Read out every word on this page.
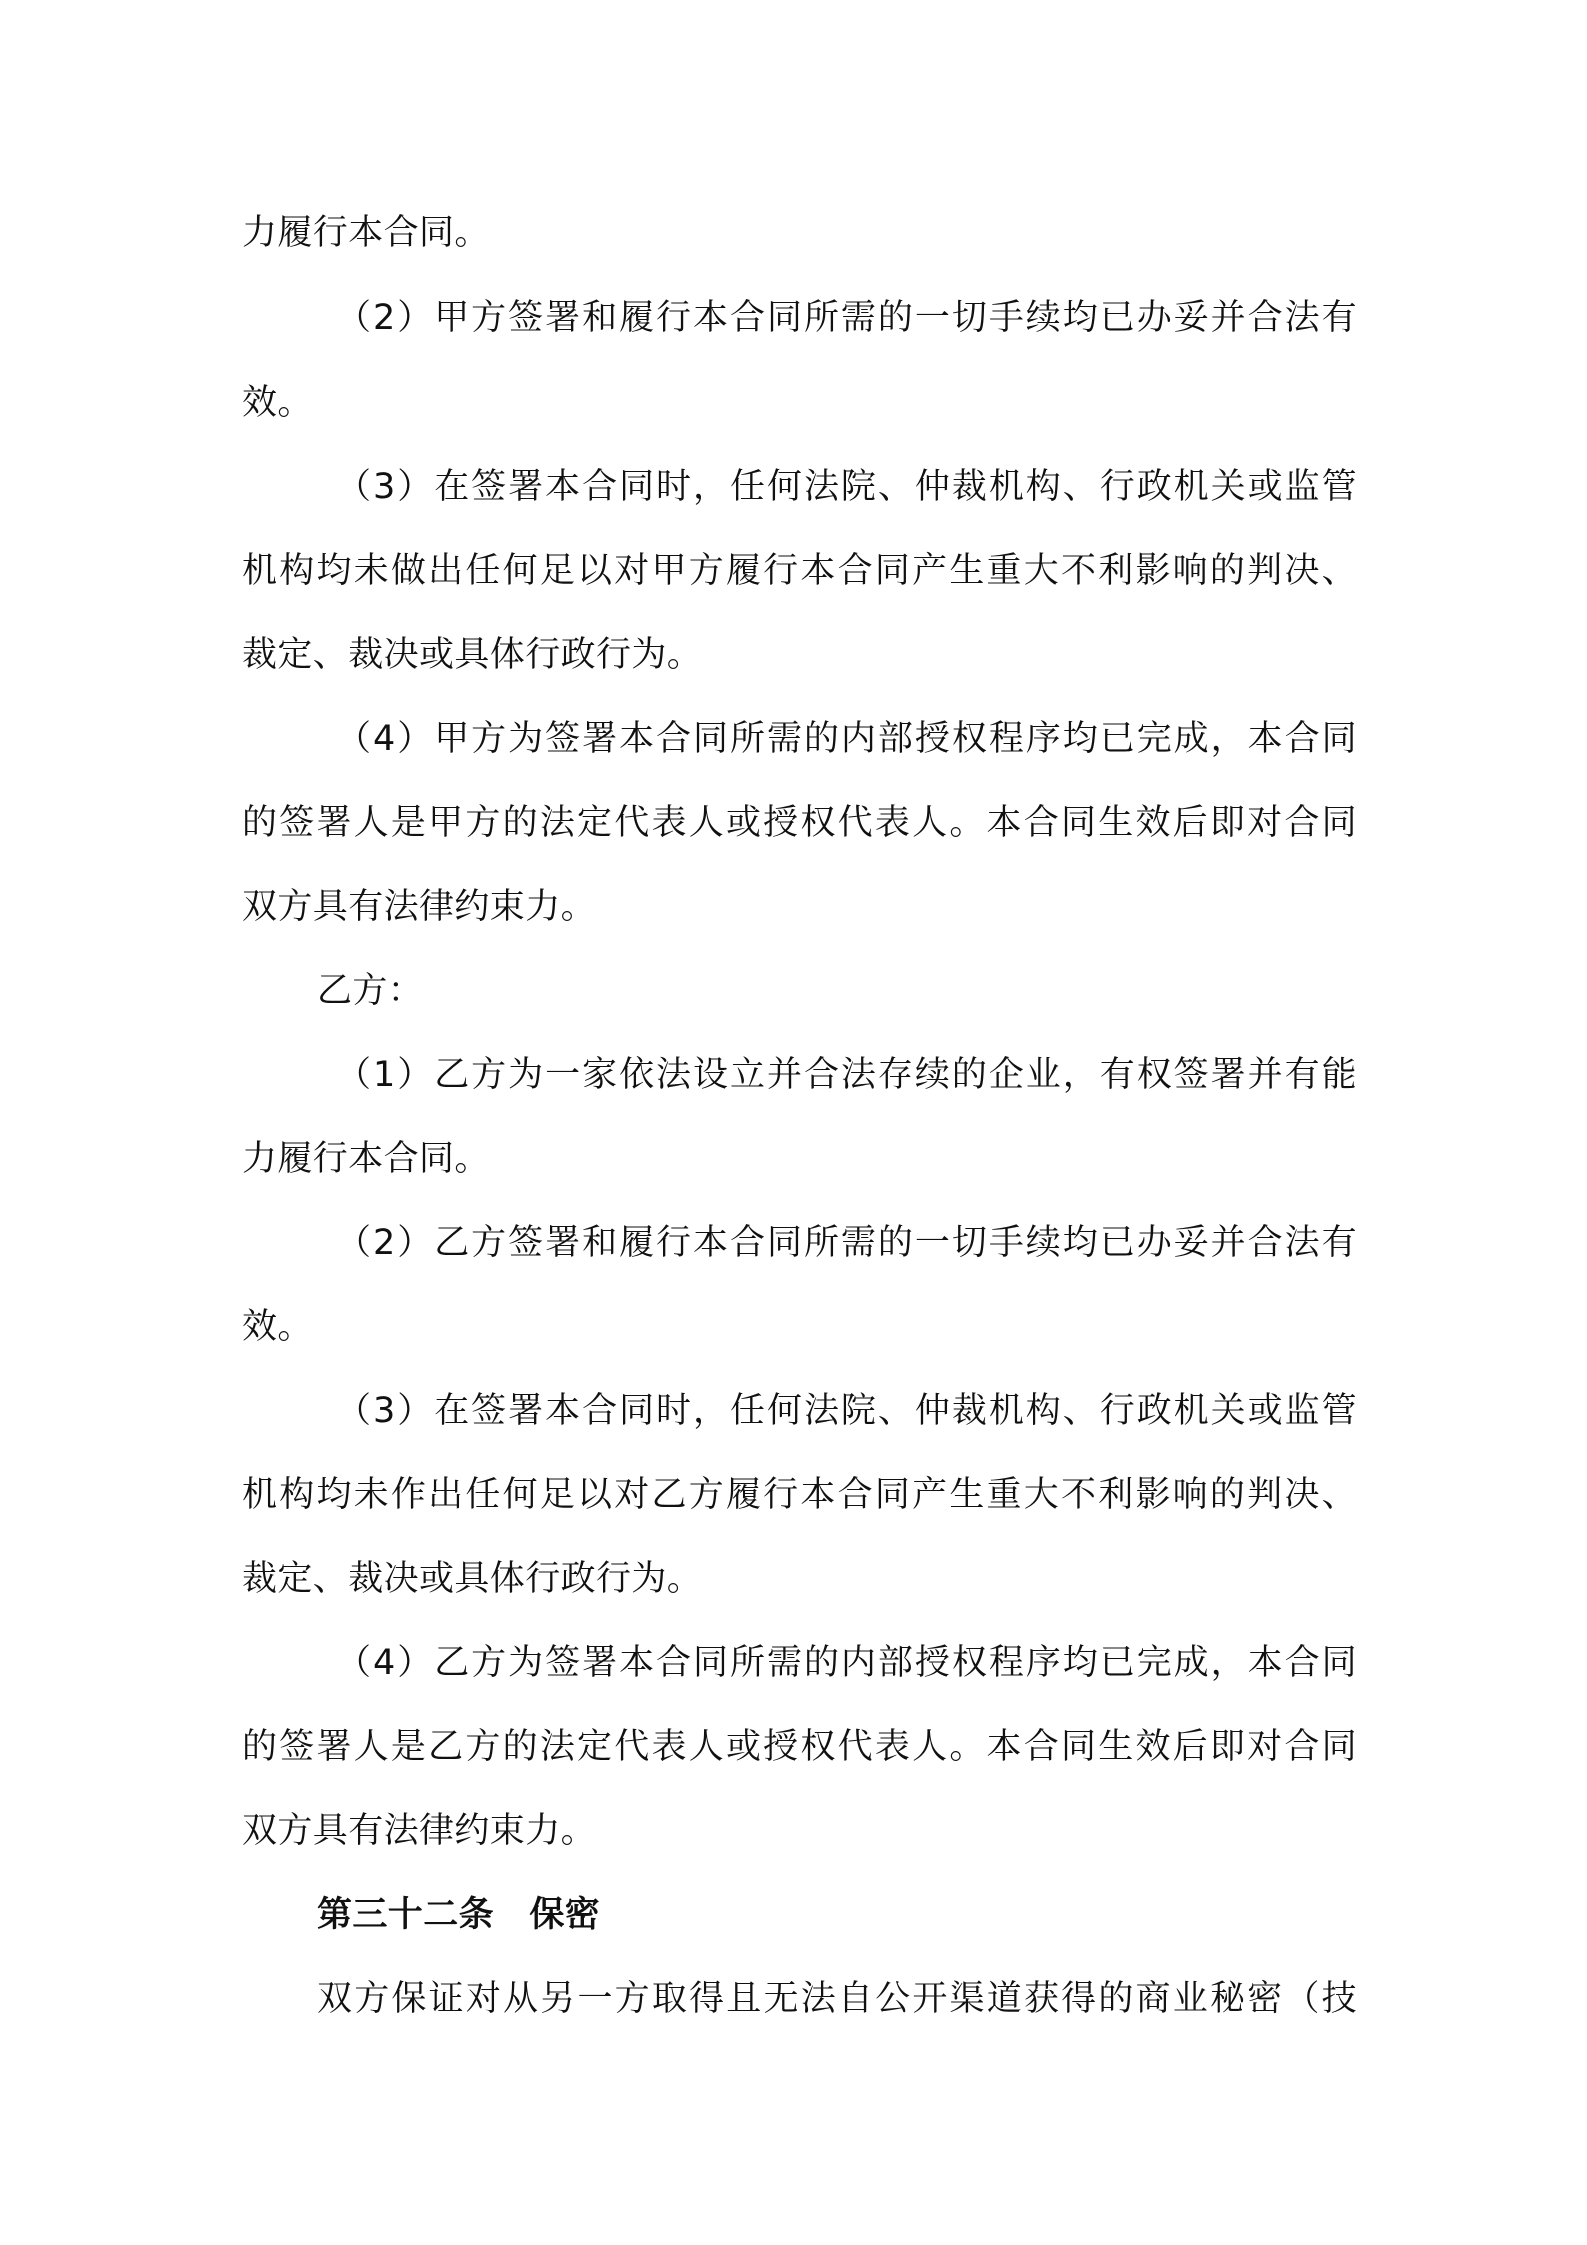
力履行本合同。
（2）甲方签署和履行本合同所需的一切手续均已办妥并合法有
效。
（3）在签署本合同时，任何法院、仲裁机构、行政机关或监管
机构均未做出任何足以对甲方履行本合同产生重大不利影响的判决、
裁定、裁决或具体行政行为。
（4）甲方为签署本合同所需的内部授权程序均已完成，本合同
的签署人是甲方的法定代表人或授权代表人。本合同生效后即对合同
双方具有法律约束力。
乙方：
（1）乙方为一家依法设立并合法存续的企业，有权签署并有能
力履行本合同。
（2）乙方签署和履行本合同所需的一切手续均已办妥并合法有
效。
（3）在签署本合同时，任何法院、仲裁机构、行政机关或监管
机构均未作出任何足以对乙方履行本合同产生重大不利影响的判决、
裁定、裁决或具体行政行为。
（4）乙方为签署本合同所需的内部授权程序均已完成，本合同
的签署人是乙方的法定代表人或授权代表人。本合同生效后即对合同
双方具有法律约束力。
第三十二条　保密
双方保证对从另一方取得且无法自公开渠道获得的商业秘密（技
